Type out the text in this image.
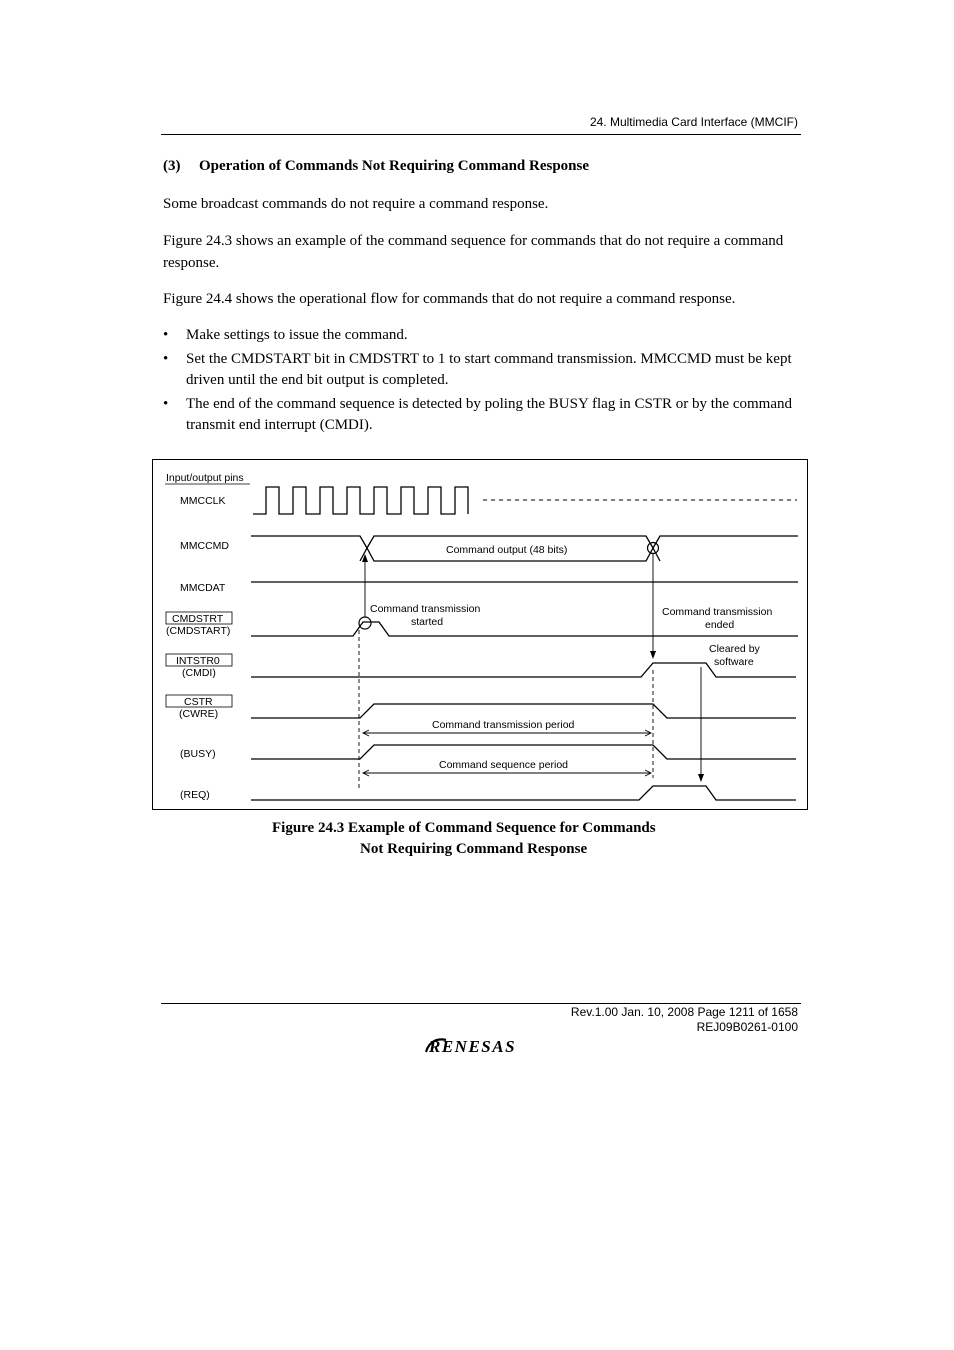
24. Multimedia Card Interface (MMCIF)
(3) Operation of Commands Not Requiring Command Response
Some broadcast commands do not require a command response.
Figure 24.3 shows an example of the command sequence for commands that do not require a command response.
Figure 24.4 shows the operational flow for commands that do not require a command response.
• Make settings to issue the command.
• Set the CMDSTART bit in CMDSTRT to 1 to start command transmission. MMCCMD must be kept driven until the end bit output is completed.
• The end of the command sequence is detected by poling the BUSY flag in CSTR or by the command transmit end interrupt (CMDI).
Input/output pins
MMCCLK
MMCCMD
MMCDAT
CMDSTRT
(CMDSTART)
INTSTR0
(CMDI)
CSTR
(CWRE)
(BUSY)
(REQ)
Command output (48 bits)
Command transmission
started
Command transmission
ended
Cleared by
software
Command transmission period
Command sequence period
Figure 24.3 Example of Command Sequence for Commands
Not Requiring Command Response
Rev.1.00 Jan. 10, 2008 Page 1211 of 1658
REJ09B0261-0100
RENESAS
